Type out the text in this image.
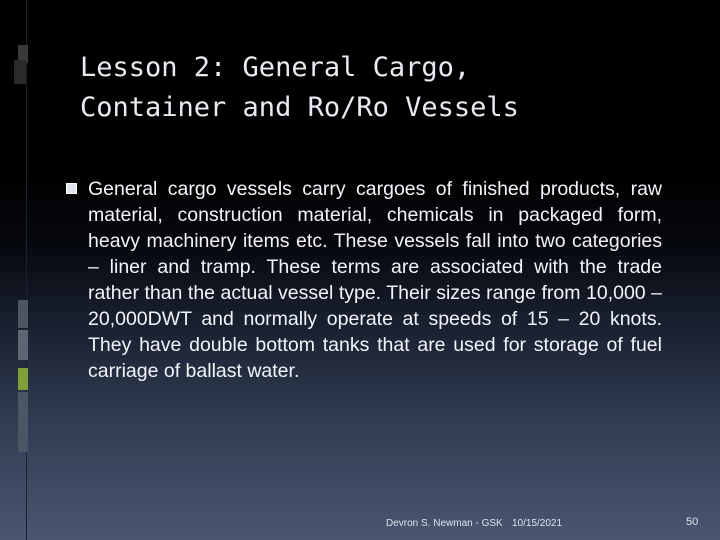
Lesson 2: General Cargo,
Container and Ro/Ro Vessels
General cargo vessels carry cargoes of finished products, raw material, construction material, chemicals in packaged form, heavy machinery items etc. These vessels fall into two categories – liner and tramp. These terms are associated with the trade rather than the actual vessel type. Their sizes range from 10,000 – 20,000DWT and normally operate at speeds of 15 – 20 knots. They have double bottom tanks that are used for storage of fuel carriage of ballast water.
Devron S. Newman - GSK 10/15/2021	50
